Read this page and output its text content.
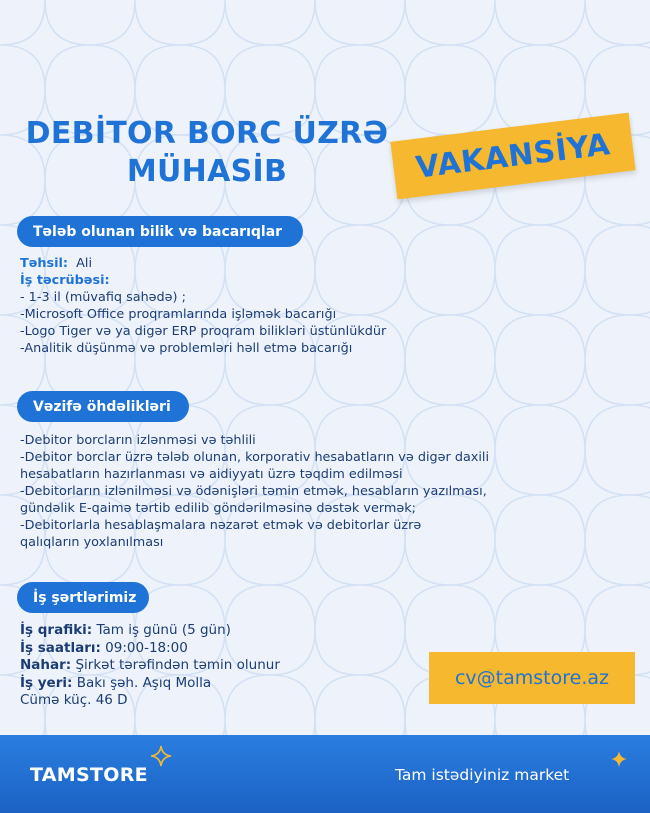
DEBİTOR BORC ÜZRƏ
MÜHASİB	VAKANSİYA
Tələb olunan bilik və bacarıqlar
Təhsil:  Ali
İş təcrübəsi:
- 1-3 il (müvafiq sahədə) ;
-Microsoft Office proqramlarında işləmək bacarığı
-Logo Tiger və ya digər ERP proqram bilikləri üstünlükdür
-Analitik düşünmə və problemləri həll etmə bacarığı
Vəzifə öhdəlikləri
-Debitor borcların izlənməsi və təhlili
-Debitor borclar üzrə tələb olunan, korporativ hesabatların və digər daxili
hesabatların hazırlanması və aidiyyatı üzrə təqdim edilməsi
-Debitorların izlənilməsi və ödənişləri təmin etmək, hesabların yazılması,
gündəlik E-qaimə tərtib edilib göndərilməsinə dəstək vermək;
-Debitorlarla hesablaşmalara nəzarət etmək və debitorlar üzrə
qalıqların yoxlanılması
İş şərtlərimiz
İş qrafiki: Tam iş günü (5 gün)
İş saatları: 09:00-18:00
Nahar: Şirkət tərəfindən təmin olunur
İş yeri: Bakı şəh. Aşıq Molla
Cümə küç. 46 D
cv@tamstore.az
TAMSTORE	Tam istədiyiniz market
